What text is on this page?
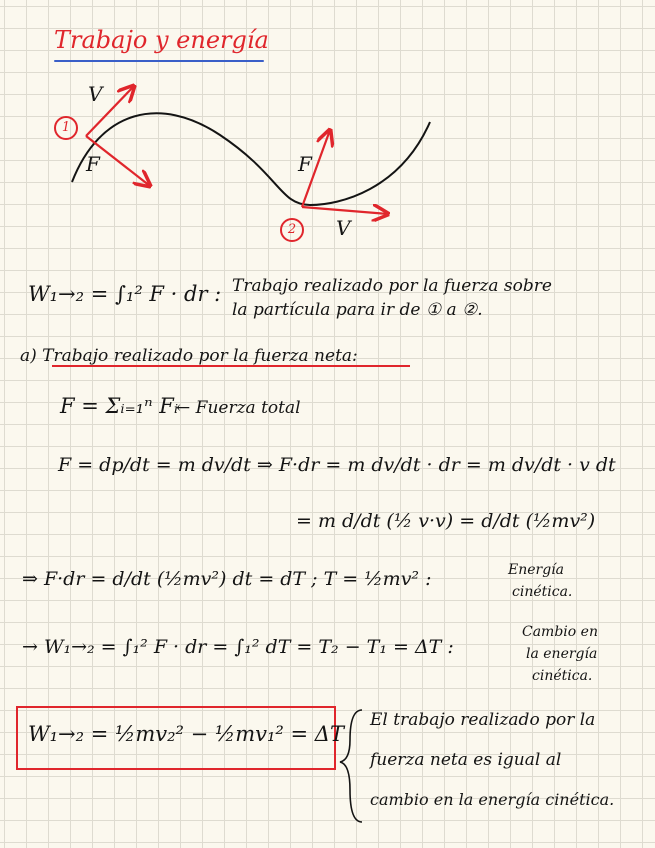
Trabajo y energía
V
F	F
V
1
2
W₁→₂ = ∫₁² F · dr : Trabajo realizado por la fuerza sobre
la partícula para ir de ① a ②.
a) Trabajo realizado por la fuerza neta:
F = Σᵢ₌₁ⁿ Fᵢ
← Fuerza total
F = dp/dt = m dv/dt ⇒ F·dr = m dv/dt · dr = m dv/dt · v dt
= m d/dt (½ v·v) = d/dt (½mv²)
⇒ F·dr = d/dt (½mv²) dt = dT ; T = ½mv² :	Energía
cinética.
→ W₁→₂ = ∫₁² F · dr = ∫₁² dT = T₂ − T₁ = ΔT :
Cambio en
la energía
cinética.
W₁→₂ = ½mv₂² − ½mv₁² = ΔT
El trabajo realizado por la
fuerza neta es igual al
cambio en la energía cinética.
